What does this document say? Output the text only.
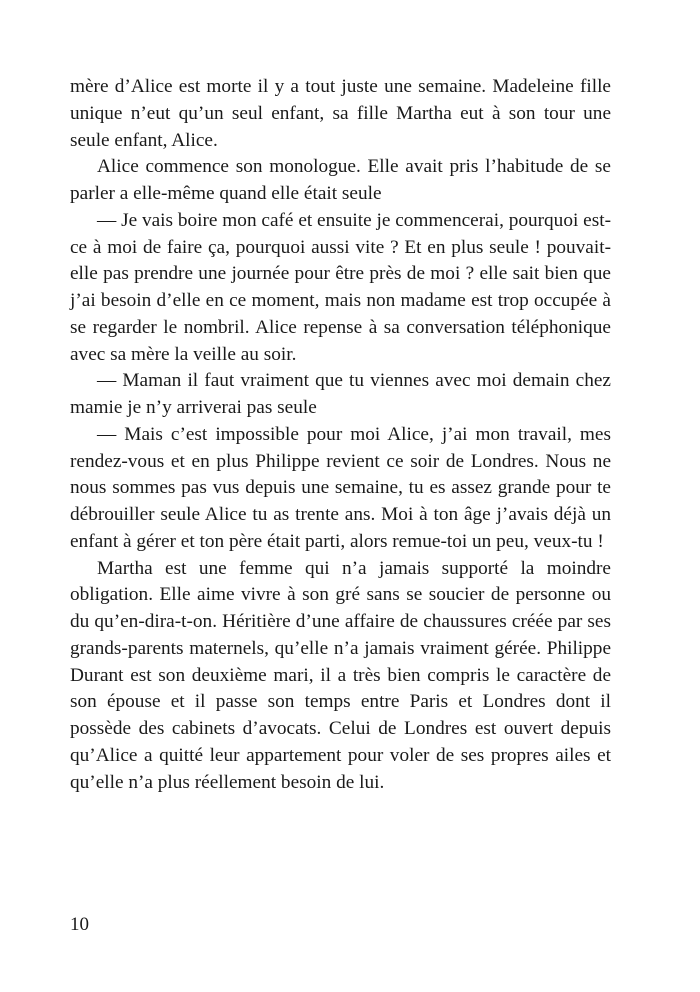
mère d’Alice est morte il y a tout juste une semaine. Madeleine fille unique n’eut qu’un seul enfant, sa fille Martha eut à son tour une seule enfant, Alice.

Alice commence son monologue. Elle avait pris l’habitude de se parler a elle-même quand elle était seule

— Je vais boire mon café et ensuite je commencerai, pourquoi est-ce à moi de faire ça, pourquoi aussi vite ? Et en plus seule ! pouvait-elle pas prendre une journée pour être près de moi ? elle sait bien que j’ai besoin d’elle en ce moment, mais non madame est trop occupée à se regarder le nombril. Alice repense à sa conversation téléphonique avec sa mère la veille au soir.

— Maman il faut vraiment que tu viennes avec moi demain chez mamie je n’y arriverai pas seule

— Mais c’est impossible pour moi Alice, j’ai mon travail, mes rendez-vous et en plus Philippe revient ce soir de Londres. Nous ne nous sommes pas vus depuis une semaine, tu es assez grande pour te débrouiller seule Alice tu as trente ans. Moi à ton âge j’avais déjà un enfant à gérer et ton père était parti, alors remue-toi un peu, veux-tu !

Martha est une femme qui n’a jamais supporté la moindre obligation. Elle aime vivre à son gré sans se soucier de personne ou du qu’en-dira-t-on. Héritière d’une affaire de chaussures créée par ses grands-parents maternels, qu’elle n’a jamais vraiment gérée. Philippe Durant est son deuxième mari, il a très bien compris le caractère de son épouse et il passe son temps entre Paris et Londres dont il possède des cabinets d’avocats. Celui de Londres est ouvert depuis qu’Alice a quitté leur appartement pour voler de ses propres ailes et qu’elle n’a plus réellement besoin de lui.

10
